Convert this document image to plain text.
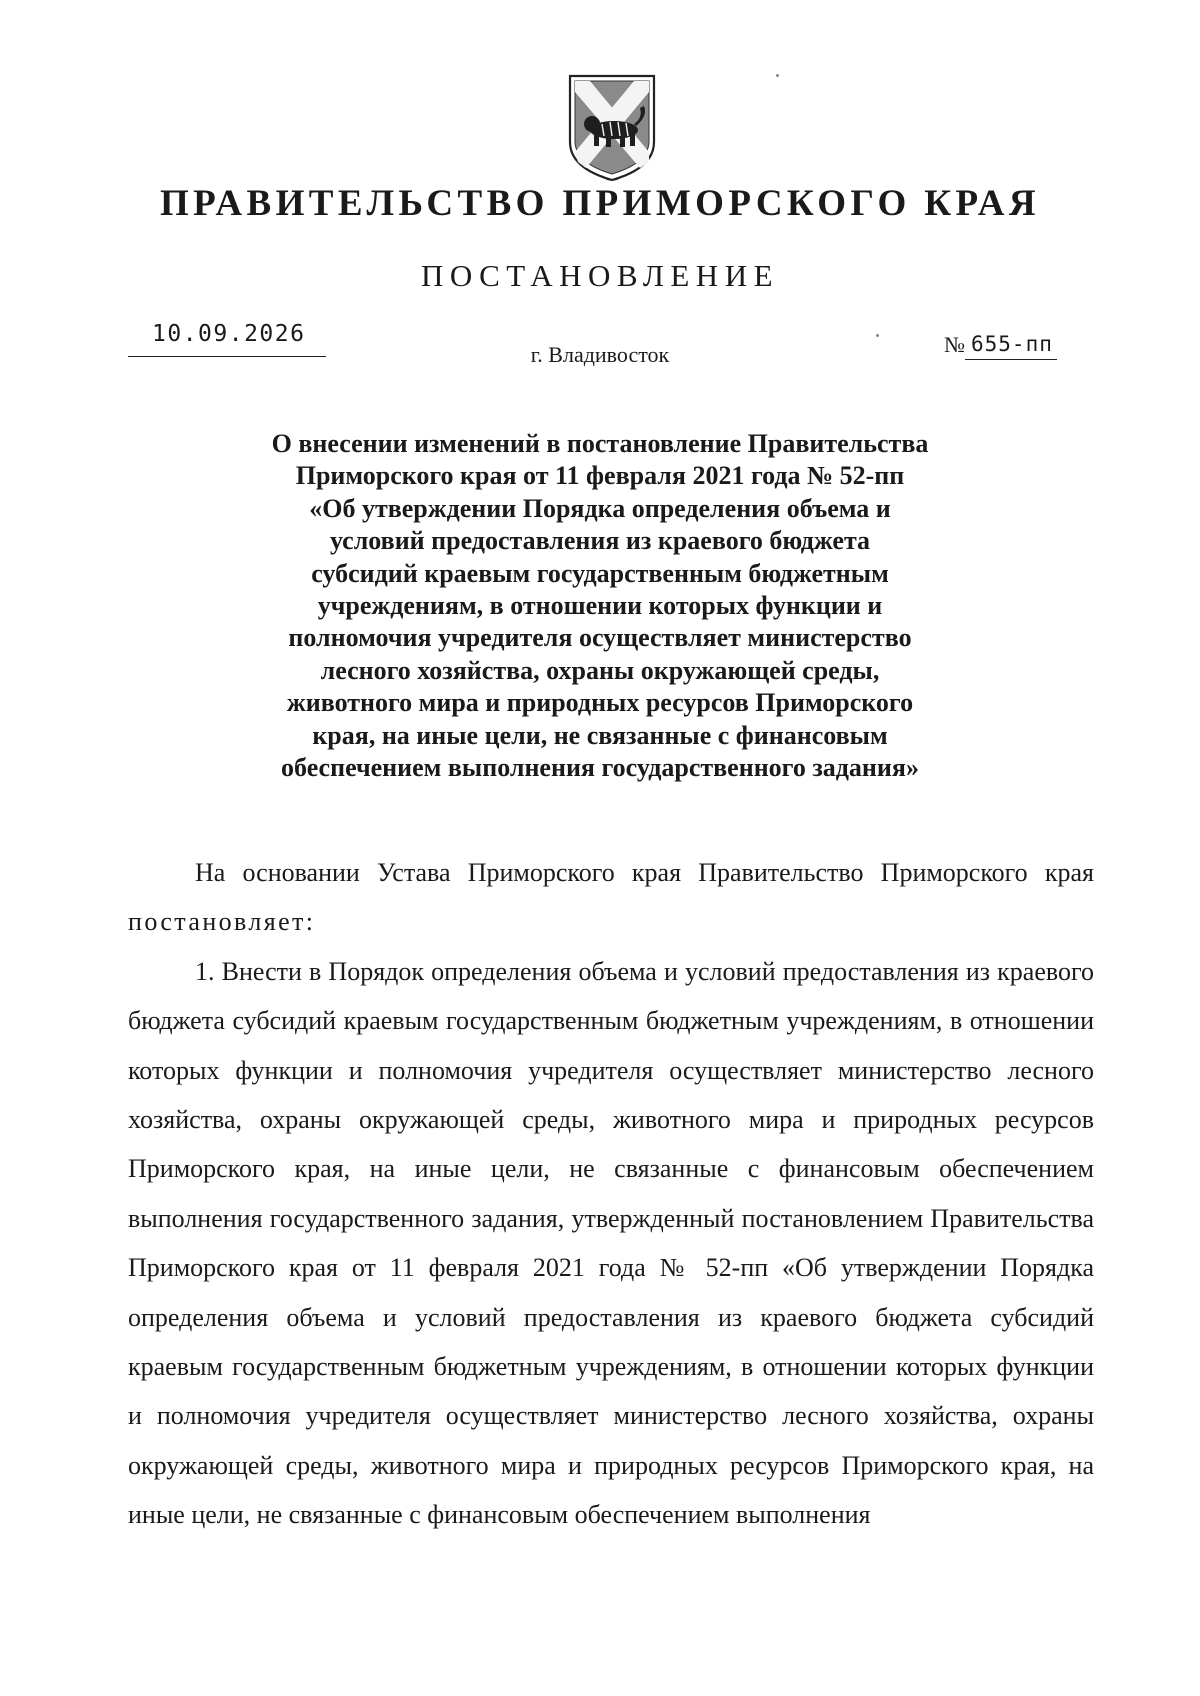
ПРАВИТЕЛЬСТВО ПРИМОРСКОГО КРАЯ
ПОСТАНОВЛЕНИЕ
10.09.2026
г. Владивосток	№ 655-пп
О внесении изменений в постановление Правительства
Приморского края от 11 февраля 2021 года № 52-пп
«Об утверждении Порядка определения объема и
условий предоставления из краевого бюджета
субсидий краевым государственным бюджетным
учреждениям, в отношении которых функции и
полномочия учредителя осуществляет министерство
лесного хозяйства, охраны окружающей среды,
животного мира и природных ресурсов Приморского
края, на иные цели, не связанные с финансовым
обеспечением выполнения государственного задания»

На основании Устава Приморского края Правительство Приморского края постановляет:

1. Внести в Порядок определения объема и условий предоставления из краевого бюджета субсидий краевым государственным бюджетным учреждениям, в отношении которых функции и полномочия учредителя осуществляет министерство лесного хозяйства, охраны окружающей среды, животного мира и природных ресурсов Приморского края, на иные цели, не связанные с финансовым обеспечением выполнения государственного задания, утвержденный постановлением Правительства Приморского края от 11 февраля 2021 года № 52-пп «Об утверждении Порядка определения объема и условий предоставления из краевого бюджета субсидий краевым государственным бюджетным учреждениям, в отношении которых функции и полномочия учредителя осуществляет министерство лесного хозяйства, охраны окружающей среды, животного мира и природных ресурсов Приморского края, на иные цели, не связанные с финансовым обеспечением выполнения
